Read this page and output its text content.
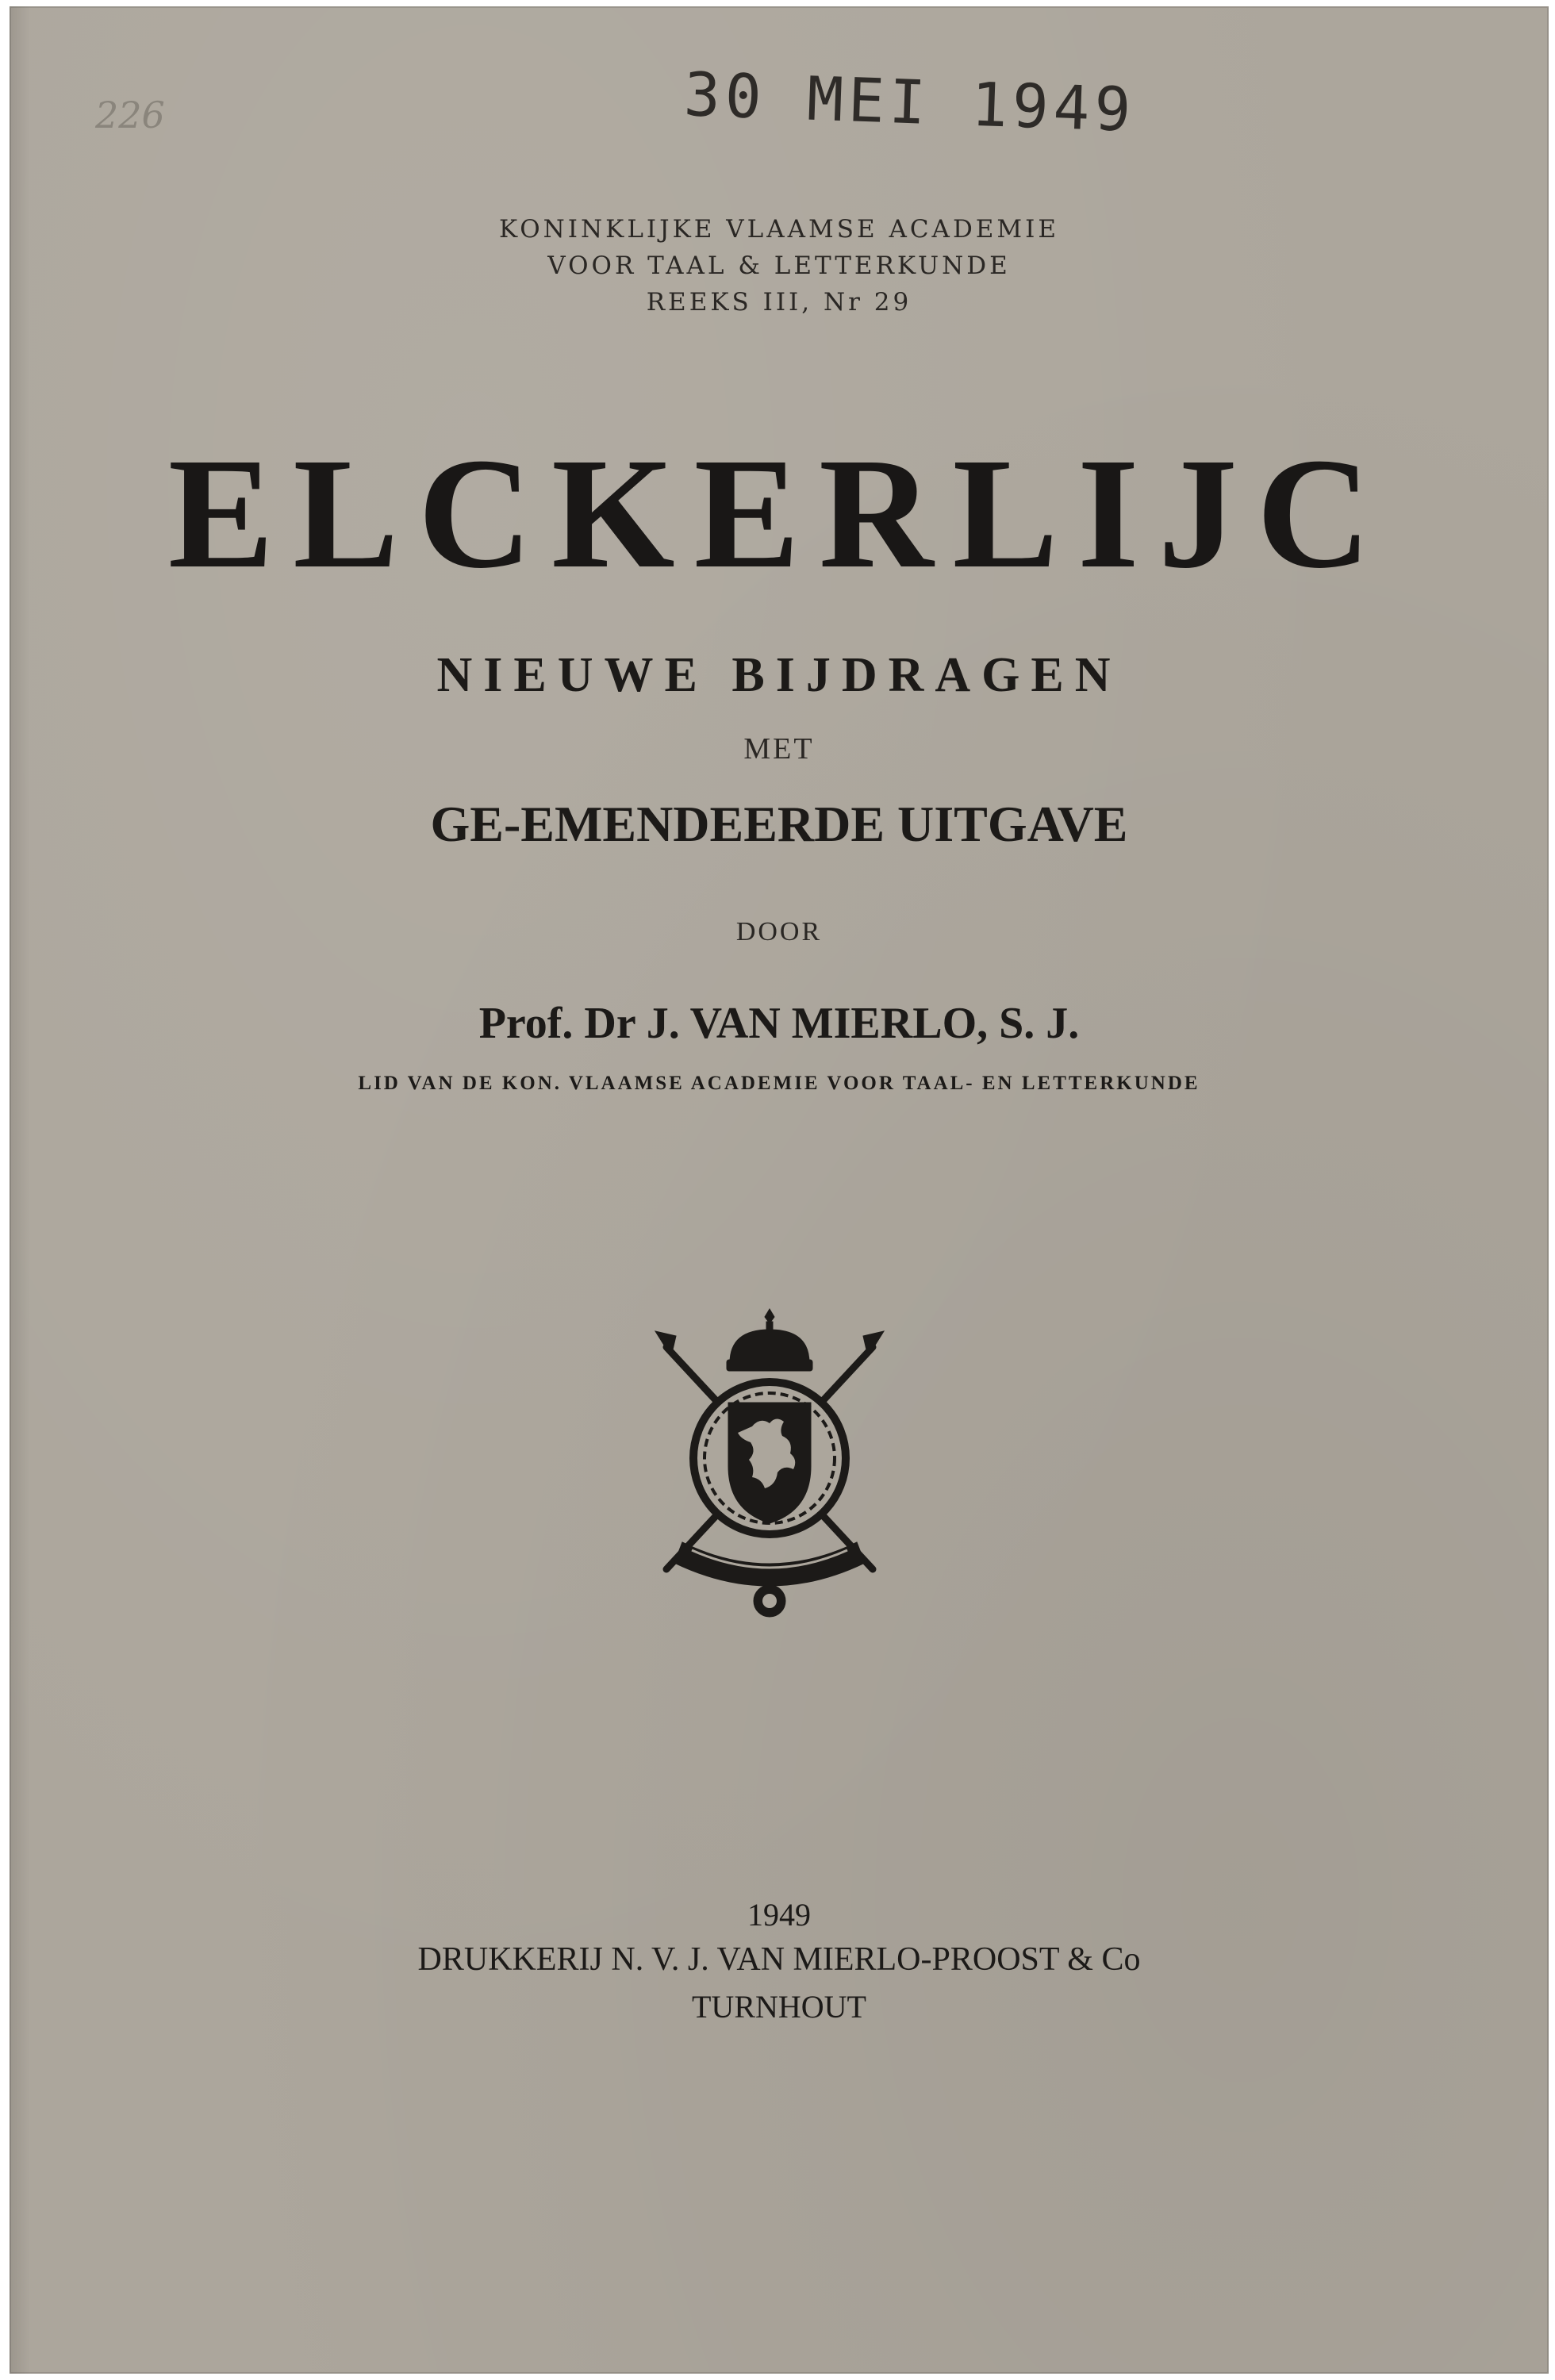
226	30 MEI 1949
KONINKLIJKE VLAAMSE ACADEMIE
VOOR TAAL & LETTERKUNDE
REEKS III, Nr 29
ELCKERLIJC
NIEUWE BIJDRAGEN
MET
GE-EMENDEERDE UITGAVE
DOOR
Prof. Dr J. VAN MIERLO, S. J.
LID VAN DE KON. VLAAMSE ACADEMIE VOOR TAAL- EN LETTERKUNDE
1949
DRUKKERIJ N. V. J. VAN MIERLO-PROOST & Co
TURNHOUT
